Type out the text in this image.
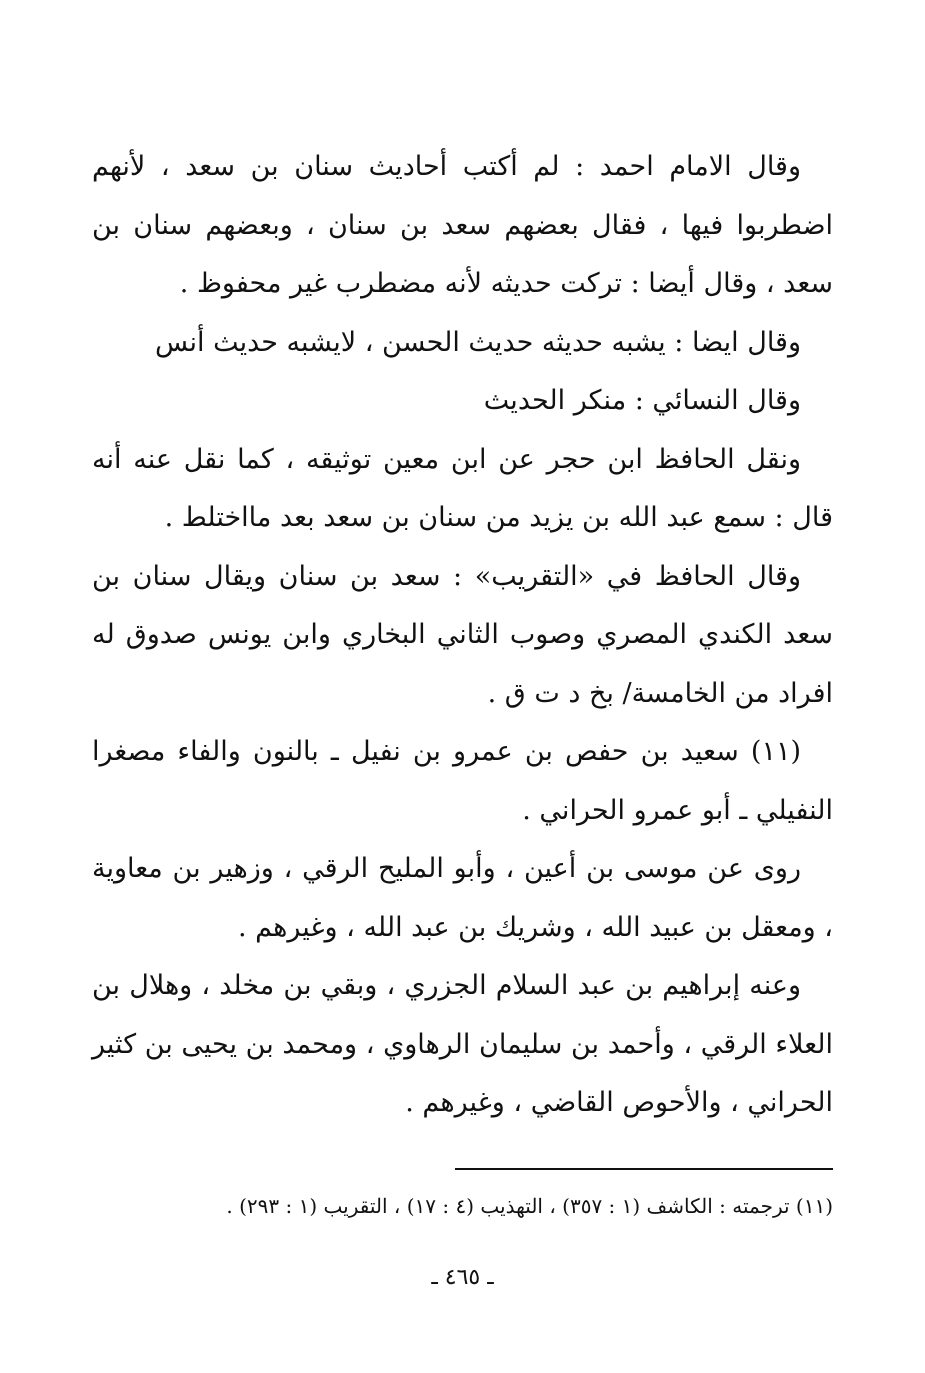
وقال الامام احمد : لم أكتب أحاديث سنان بن سعد ، لأنهم اضطربوا فيها ، فقال بعضهم سعد بن سنان ، وبعضهم سنان بن سعد ، وقال أيضا : تركت حديثه لأنه مضطرب غير محفوظ .

وقال ايضا : يشبه حديثه حديث الحسن ، لايشبه حديث أنس

وقال النسائي : منكر الحديث

ونقل الحافظ ابن حجر عن ابن معين توثيقه ، كما نقل عنه أنه قال : سمع عبد الله بن يزيد من سنان بن سعد بعد مااختلط .

وقال الحافظ في «التقريب» : سعد بن سنان ويقال سنان بن سعد الكندي المصري وصوب الثاني البخاري وابن يونس صدوق له افراد من الخامسة/ بخ د ت ق .

(١١) سعيد بن حفص بن عمرو بن نفيل ـ بالنون والفاء مصغرا النفيلي ـ أبو عمرو الحراني .

روى عن موسى بن أعين ، وأبو المليح الرقي ، وزهير بن معاوية ، ومعقل بن عبيد الله ، وشريك بن عبد الله ، وغيرهم .

وعنه إبراهيم بن عبد السلام الجزري ، وبقي بن مخلد ، وهلال بن العلاء الرقي ، وأحمد بن سليمان الرهاوي ، ومحمد بن يحيى بن كثير الحراني ، والأحوص القاضي ، وغيرهم .

(١١) ترجمته : الكاشف (١ : ٣٥٧) ، التهذيب (٤ : ١٧) ، التقريب (١ : ٢٩٣) .
ـ ٤٦٥ ـ
